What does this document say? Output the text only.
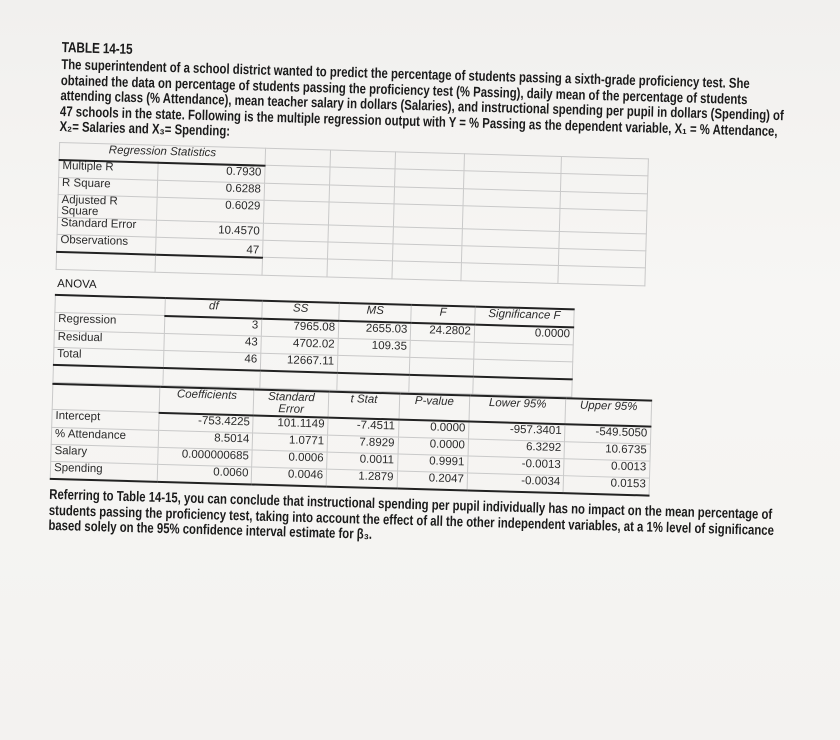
TABLE 14-15

The superintendent of a school district wanted to predict the percentage of students passing a sixth-grade proficiency test. She obtained the data on percentage of students passing the proficiency test (% Passing), daily mean of the percentage of students attending class (% Attendance), mean teacher salary in dollars (Salaries), and instructional spending per pupil in dollars (Spending) of 47 schools in the state. Following is the multiple regression output with Y = % Passing as the dependent variable, X₁ = % Attendance, X₂= Salaries and X₃= Spending:

Regression Statistics						
Multiple R	0.7930					
R Square	0.6288					
Adjusted R Square	0.6029					
Standard Error	10.4570					
Observations	47					

ANOVA
	df	SS	MS	F	Significance F
Regression	3	7965.08	2655.03	24.2802	0.0000
Residual	43	4702.02	109.35		
Total	46	12667.11			

	Coefficients	Standard Error	t Stat	P-value	Lower 95%	Upper 95%
Intercept	-753.4225	101.1149	-7.4511	0.0000	-957.3401	-549.5050
% Attendance	8.5014	1.0771	7.8929	0.0000	6.3292	10.6735
Salary	0.000000685	0.0006	0.0011	0.9991	-0.0013	0.0013
Spending	0.0060	0.0046	1.2879	0.2047	-0.0034	0.0153

Referring to Table 14-15, you can conclude that instructional spending per pupil individually has no impact on the mean percentage of students passing the proficiency test, taking into account the effect of all the other independent variables, at a 1% level of significance based solely on the 95% confidence interval estimate for β₃.
